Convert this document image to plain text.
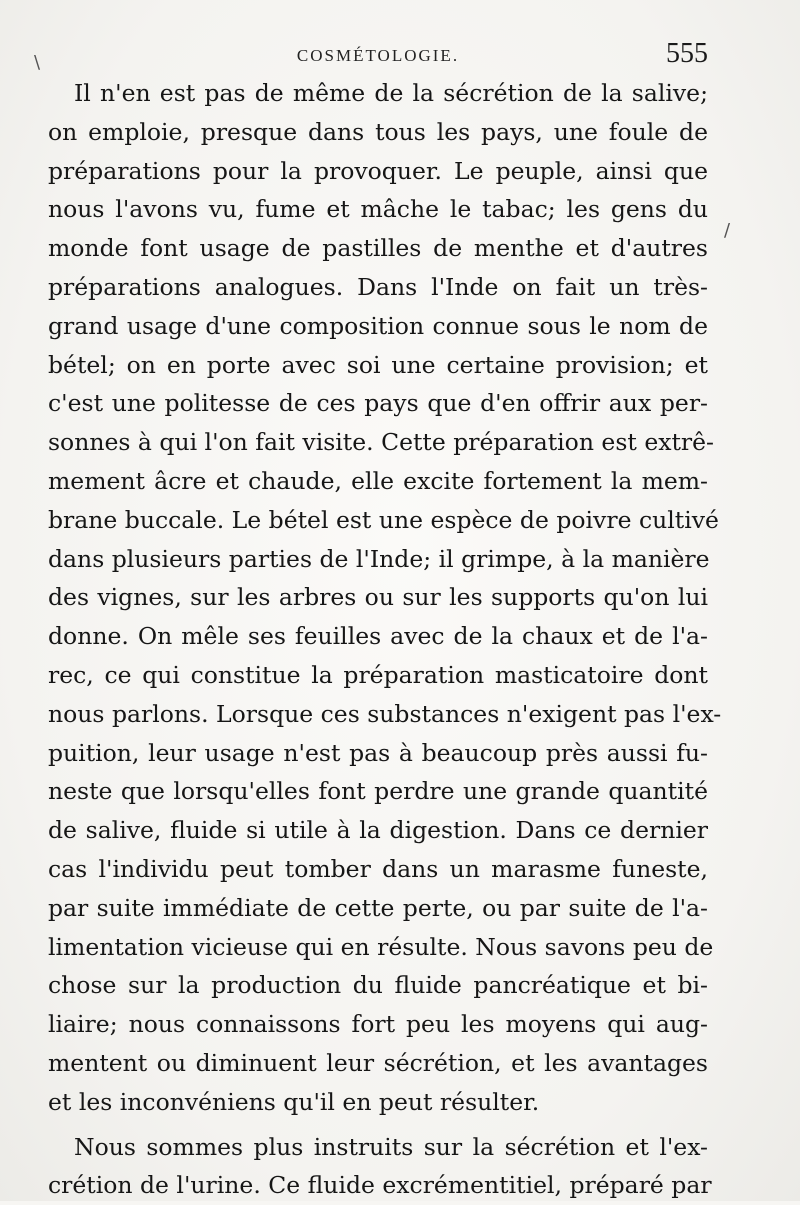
COSMÉTOLOGIE.	555
Il n'en est pas de même de la sécrétion de la salive;
on emploie, presque dans tous les pays, une foule de
préparations pour la provoquer. Le peuple, ainsi que
nous l'avons vu, fume et mâche le tabac; les gens du
monde font usage de pastilles de menthe et d'autres
préparations analogues. Dans l'Inde on fait un très-
grand usage d'une composition connue sous le nom de
bétel; on en porte avec soi une certaine provision; et
c'est une politesse de ces pays que d'en offrir aux per-
sonnes à qui l'on fait visite. Cette préparation est extrê-
mement âcre et chaude, elle excite fortement la mem-
brane buccale. Le bétel est une espèce de poivre cultivé
dans plusieurs parties de l'Inde; il grimpe, à la manière
des vignes, sur les arbres ou sur les supports qu'on lui
donne. On mêle ses feuilles avec de la chaux et de l'a-
rec, ce qui constitue la préparation masticatoire dont
nous parlons. Lorsque ces substances n'exigent pas l'ex-
puition, leur usage n'est pas à beaucoup près aussi fu-
neste que lorsqu'elles font perdre une grande quantité
de salive, fluide si utile à la digestion. Dans ce dernier
cas l'individu peut tomber dans un marasme funeste,
par suite immédiate de cette perte, ou par suite de l'a-
limentation vicieuse qui en résulte. Nous savons peu de
chose sur la production du fluide pancréatique et bi-
liaire; nous connaissons fort peu les moyens qui aug-
mentent ou diminuent leur sécrétion, et les avantages
et les inconvéniens qu'il en peut résulter.
Nous sommes plus instruits sur la sécrétion et l'ex-
crétion de l'urine. Ce fluide excrémentitiel, préparé par
\
/
